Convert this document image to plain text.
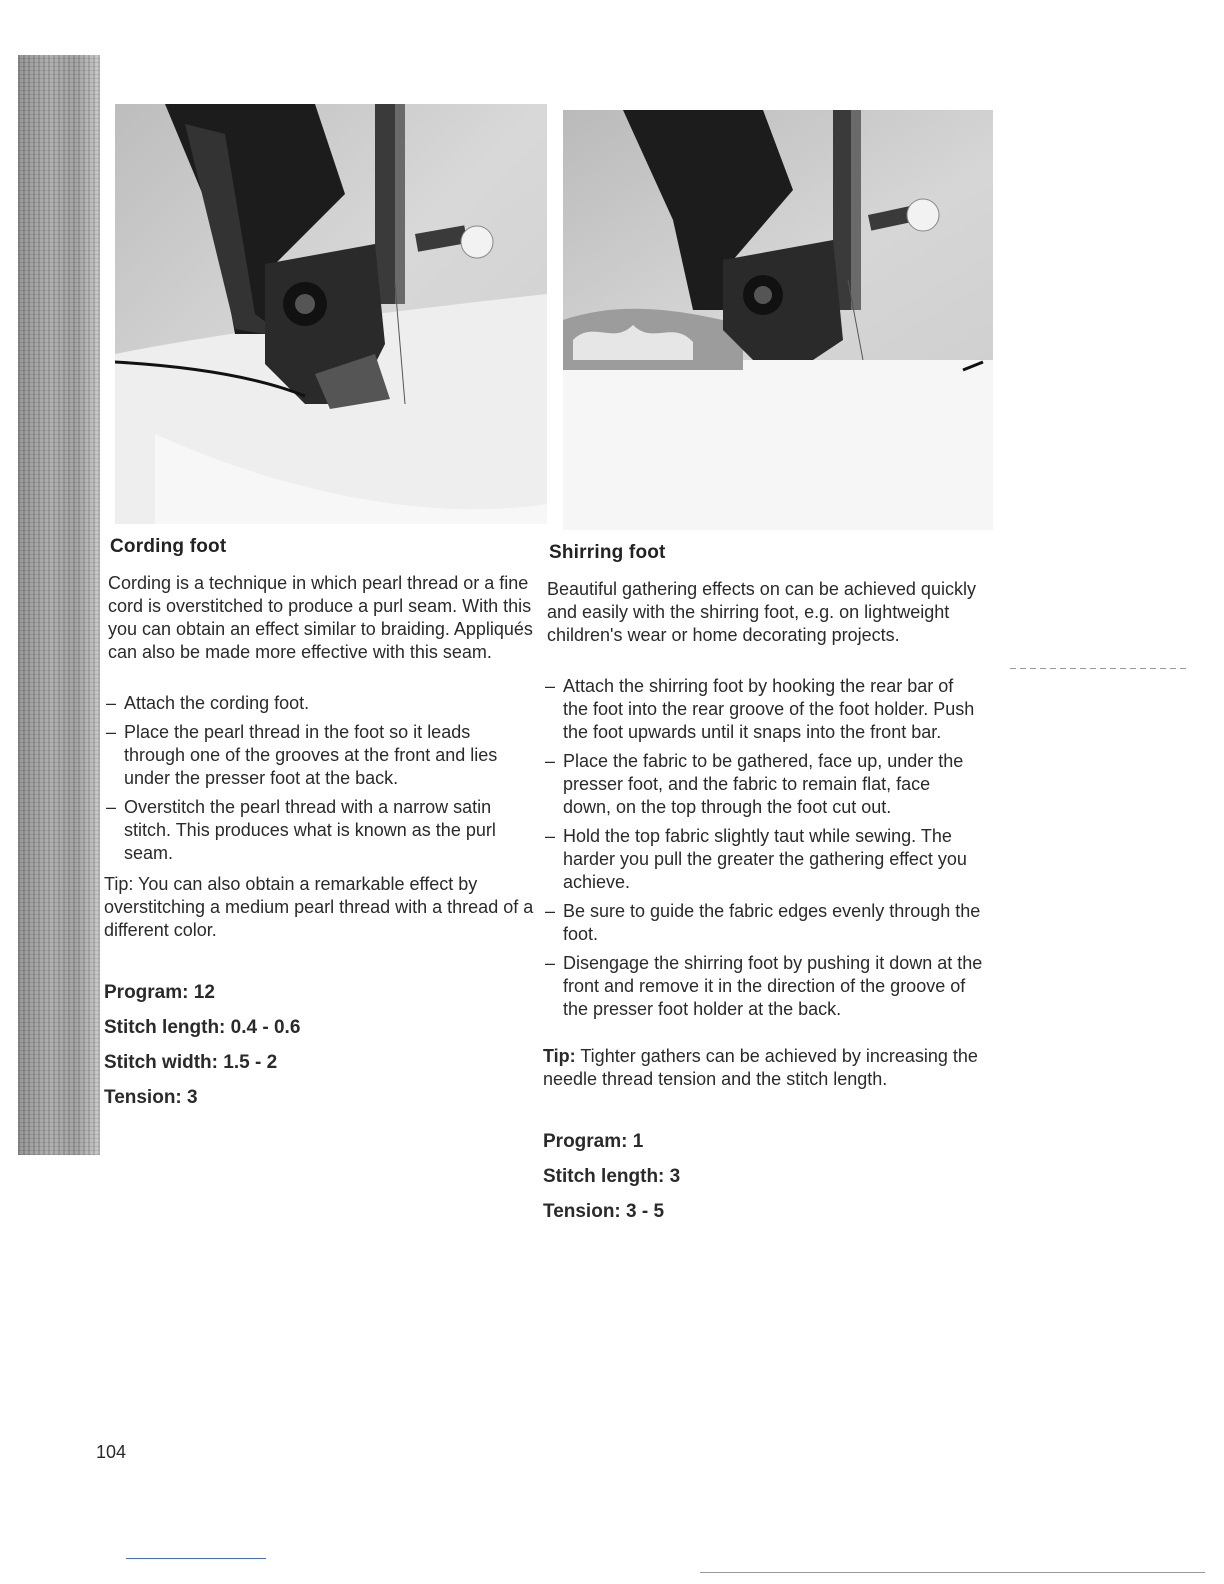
Cording foot

Cording is a technique in which pearl thread or a fine cord is overstitched to produce a purl seam. With this you can obtain an effect similar to braiding. Appliqués can also be made more effective with this seam.

– Attach the cording foot.
– Place the pearl thread in the foot so it leads through one of the grooves at the front and lies under the presser foot at the back.
– Overstitch the pearl thread with a narrow satin stitch. This produces what is known as the purl seam.
Tip: You can also obtain a remarkable effect by overstitching a medium pearl thread with a thread of a different color.
Program: 12
Stitch length: 0.4 - 0.6
Stitch width: 1.5 - 2
Tension: 3
Shirring foot

Beautiful gathering effects on can be achieved quickly and easily with the shirring foot, e.g. on lightweight children's wear or home decorating projects.

– Attach the shirring foot by hooking the rear bar of the foot into the rear groove of the foot holder. Push the foot upwards until it snaps into the front bar.
– Place the fabric to be gathered, face up, under the presser foot, and the fabric to remain flat, face down, on the top through the foot cut out.
– Hold the top fabric slightly taut while sewing. The harder you pull the greater the gathering effect you achieve.
– Be sure to guide the fabric edges evenly through the foot.
– Disengage the shirring foot by pushing it down at the front and remove it in the direction of the groove of the presser foot holder at the back.
Tip: Tighter gathers can be achieved by increasing the needle thread tension and the stitch length.
Program: 1
Stitch length: 3
Tension: 3 - 5
104
